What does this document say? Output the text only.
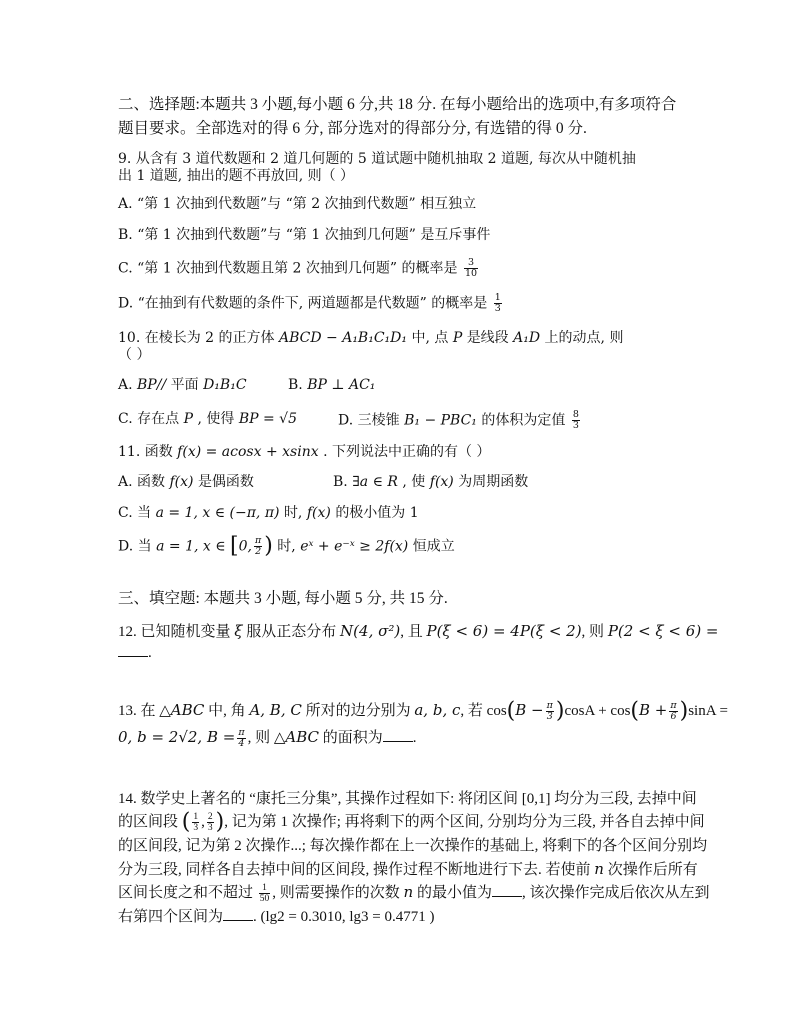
二、选择题:本题共 3 小题,每小题 6 分,共 18 分. 在每小题给出的选项中,有多项符合
题目要求。全部选对的得 6 分, 部分选对的得部分分, 有选错的得 0 分.
9. 从含有 3 道代数题和 2 道几何题的 5 道试题中随机抽取 2 道题, 每次从中随机抽
出 1 道题, 抽出的题不再放回, 则（ ）
A. “第 1 次抽到代数题”与 “第 2 次抽到代数题” 相互独立
B. “第 1 次抽到代数题”与 “第 1 次抽到几何题” 是互斥事件
C. “第 1 次抽到代数题且第 2 次抽到几何题” 的概率是 $\frac{3}{10}$
D. “在抽到有代数题的条件下, 两道题都是代数题” 的概率是 $\frac{1}{3}$
10. 在棱长为 2 的正方体 ABCD − A₁B₁C₁D₁ 中, 点 P 是线段 A₁D 上的动点, 则
（ ）
A. BP// 平面 D₁B₁C	B. BP ⊥ AC₁
C. 存在点 P , 使得 BP = √5	D. 三棱锥 B₁ − PBC₁ 的体积为定值 $\frac{8}{3}$
11. 函数 f(x) = acosx + xsinx . 下列说法中正确的有（ ）
A. 函数 f(x) 是偶函数	B. ∃a ∈ R , 使 f(x) 为周期函数
C. 当 a = 1, x ∈ (−π, π) 时, f(x) 的极小值为 1
D. 当 a = 1, x ∈ [0, $\frac{\pi}{2}$ ) 时, eˣ + e⁻ˣ ≥ 2f(x) 恒成立
三、填空题: 本题共 3 小题, 每小题 5 分, 共 15 分.
12. 已知随机变量 ξ 服从正态分布 N(4, σ²), 且 P(ξ < 6) = 4P(ξ < 2), 则 P(2 < ξ < 6) =
.
13. 在 △ABC 中, 角 A, B, C 所对的边分别为 a, b, c, 若 $\cos(B - \frac{\pi}{3} )\cos A + \cos(B + \frac{\pi}{6} )\sin A$ =
0, b = 2√2, $B = \frac{\pi}{4}$ , 则 △ABC 的面积为 .
14. 数学史上著名的 “康托三分集”, 其操作过程如下: 将闭区间 [0,1] 均分为三段, 去掉中间
的区间段 ( $\frac{1}{3}$ , $\frac{2}{3}$ ), 记为第 1 次操作; 再将剩下的两个区间, 分别均分为三段, 并各自去掉中间
的区间段, 记为第 2 次操作...; 每次操作都在上一次操作的基础上, 将剩下的各个区间分别均
分为三段, 同样各自去掉中间的区间段, 操作过程不断地进行下去. 若使前 n 次操作后所有
区间长度之和不超过 $\frac{1}{50}$ , 则需要操作的次数 n 的最小值为 , 该次操作完成后依次从左到
右第四个区间为 . (lg2 = 0.3010, lg3 = 0.4771 )
